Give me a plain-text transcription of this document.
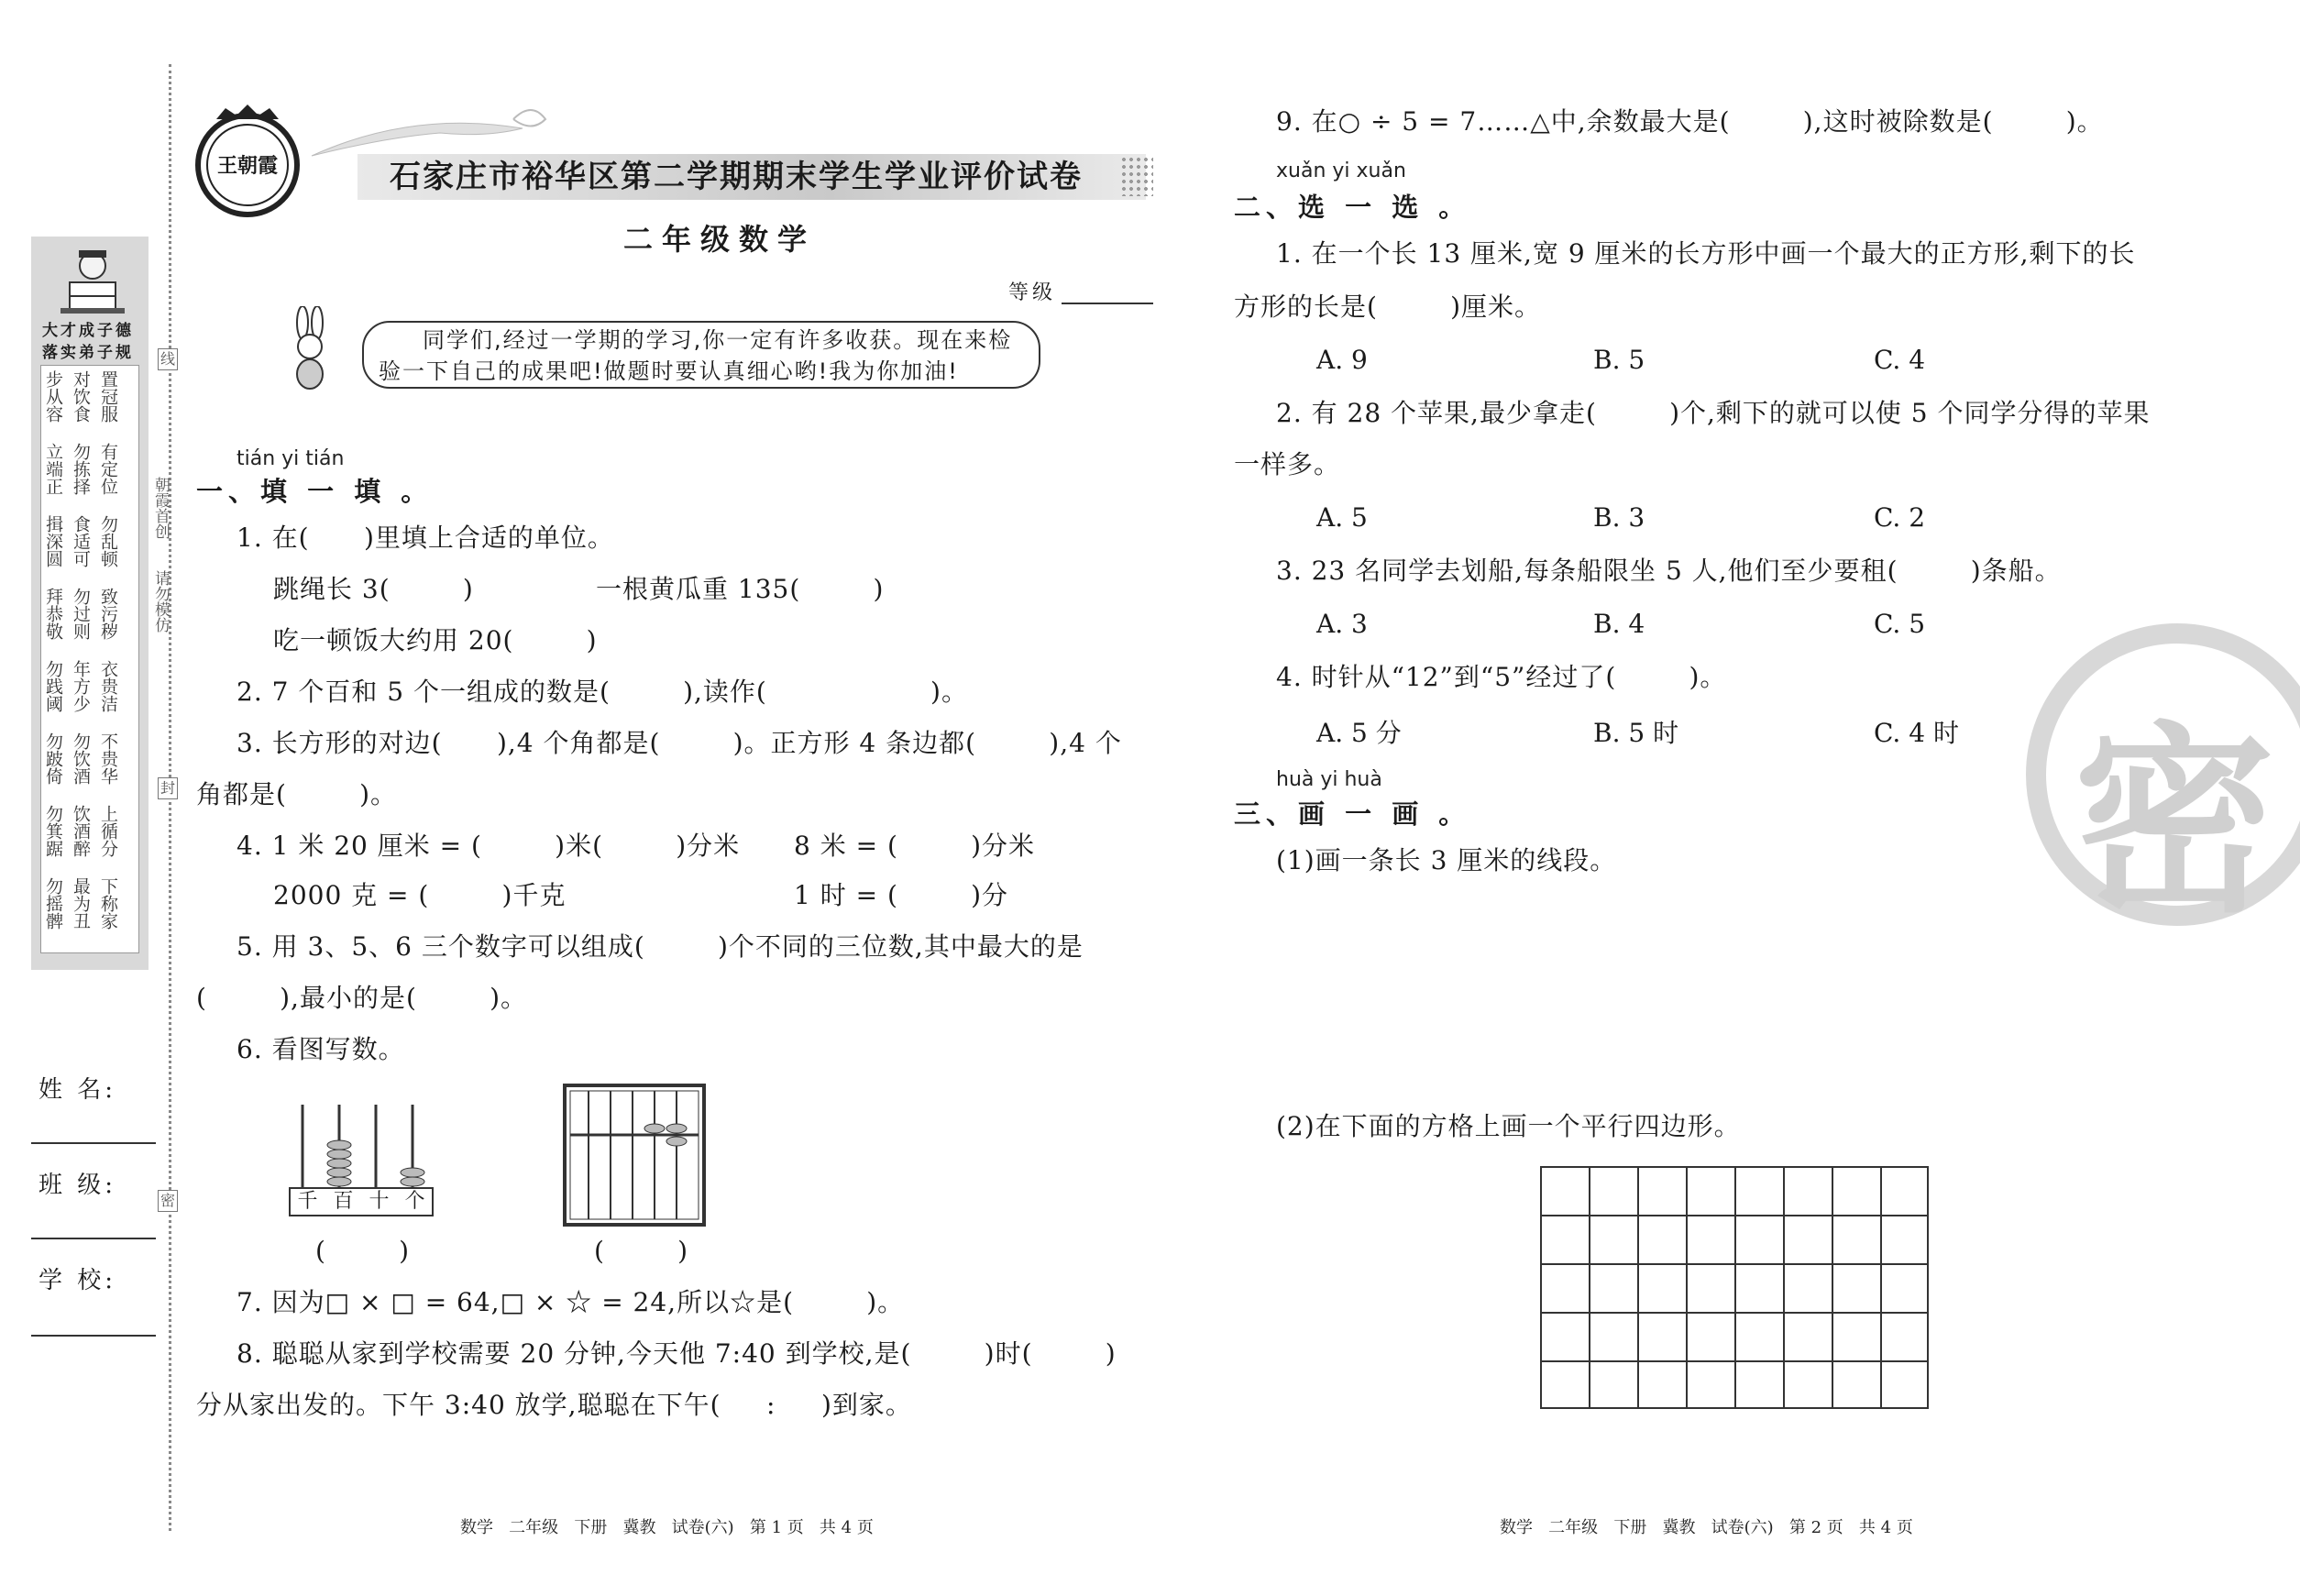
大才成子德
落实弟子规
步从容 对饮食 置冠服
立端正 勿拣择 有定位
揖深圆 食适可 勿乱顿
拜恭敬 勿过则 致污秽
勿践阈 年方少 衣贵洁
勿跛倚 勿饮酒 不贵华
勿箕踞 饮酒醉 上循分
勿摇髀 最为丑 下称家
线
朝霞首创
请勿模仿
封
密
姓 名:
班 级:
学 校:
王朝霞	石家庄市裕华区第二学期期末学生学业评价试卷
二年级数学
等级
同学们,经过一学期的学习,你一定有许多收获。现在来检
验一下自己的成果吧!做题时要认真细心哟!我为你加油!
tián yi tián
一、填 一 填 。
1. 在(      )里填上合适的单位。
跳绳长 3(        )	一根黄瓜重 135(        )
吃一顿饭大约用 20(        )
2. 7 个百和 5 个一组成的数是(        ),读作(                  )。
3. 长方形的对边(      ),4 个角都是(        )。正方形 4 条边都(        ),4 个
角都是(        )。
4. 1 米 20 厘米 = (        )米(        )分米 8 米 = (        )分米
2000 克 = (        )千克	1 时 = (        )分
5. 用 3、5、6 三个数字可以组成(        )个不同的三位数,其中最大的是
(        ),最小的是(        )。
6. 看图写数。
千 百 十 个
(        )	(        )
7. 因为□ × □ = 64,□ × ☆ = 24,所以☆是(        )。
8. 聪聪从家到学校需要 20 分钟,今天他 7:40 到学校,是(        )时(        )
分从家出发的。下午 3:40 放学,聪聪在下午(     :     )到家。
数学   二年级   下册   冀教   试卷(六)   第 1 页   共 4 页
9. 在○ ÷ 5 = 7……△中,余数最大是(        ),这时被除数是(        )。
xuǎn yi xuǎn
二、选 一 选 。
1. 在一个长 13 厘米,宽 9 厘米的长方形中画一个最大的正方形,剩下的长
方形的长是(        )厘米。
A. 9	B. 5	C. 4
2. 有 28 个苹果,最少拿走(        )个,剩下的就可以使 5 个同学分得的苹果
一样多。
A. 5	B. 3	C. 2
3. 23 名同学去划船,每条船限坐 5 人,他们至少要租(        )条船。
A. 3	B. 4	C. 5
4. 时针从“12”到“5”经过了(        )。
A. 5 分	B. 5 时	C. 4 时
huà yi huà
三、画 一 画 。
(1)画一条长 3 厘米的线段。
(2)在下面的方格上画一个平行四边形。
密
数学   二年级   下册   冀教   试卷(六)   第 2 页   共 4 页
